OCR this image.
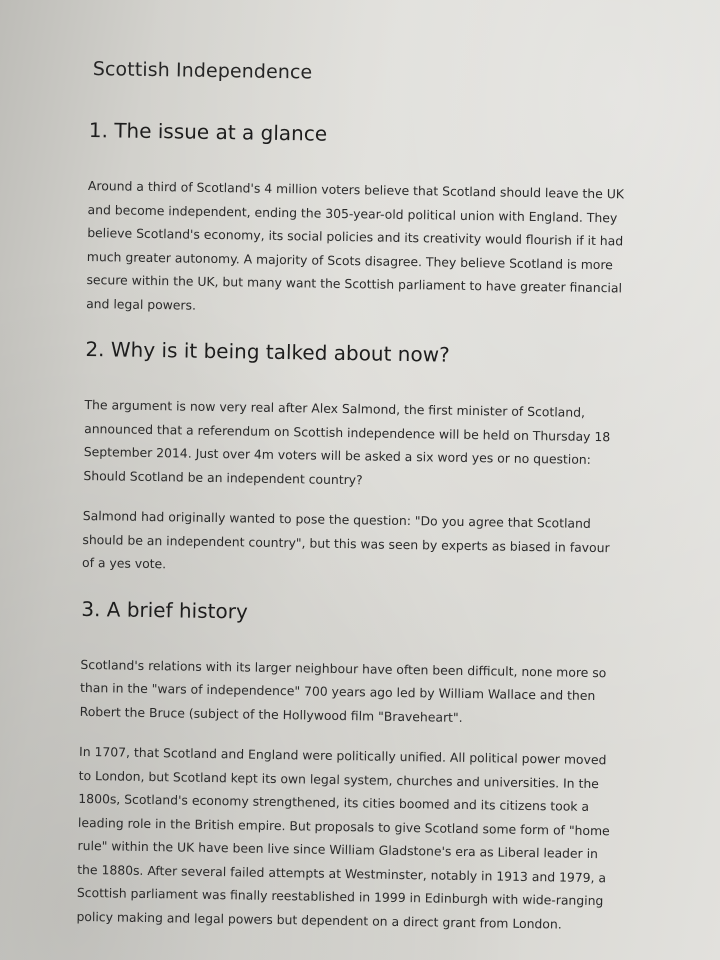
Scottish Independence
1. The issue at a glance

Around a third of Scotland's 4 million voters believe that Scotland should leave the UK and become independent, ending the 305-year-old political union with England. They believe Scotland's economy, its social policies and its creativity would flourish if it had much greater autonomy. A majority of Scots disagree. They believe Scotland is more secure within the UK, but many want the Scottish parliament to have greater financial and legal powers.

2. Why is it being talked about now?

The argument is now very real after Alex Salmond, the first minister of Scotland, announced that a referendum on Scottish independence will be held on Thursday 18 September 2014. Just over 4m voters will be asked a six word yes or no question: Should Scotland be an independent country?

Salmond had originally wanted to pose the question: "Do you agree that Scotland should be an independent country", but this was seen by experts as biased in favour of a yes vote.

3. A brief history

Scotland's relations with its larger neighbour have often been difficult, none more so than in the "wars of independence" 700 years ago led by William Wallace and then Robert the Bruce (subject of the Hollywood film "Braveheart".

In 1707, that Scotland and England were politically unified. All political power moved to London, but Scotland kept its own legal system, churches and universities. In the 1800s, Scotland's economy strengthened, its cities boomed and its citizens took a leading role in the British empire. But proposals to give Scotland some form of "home rule" within the UK have been live since William Gladstone's era as Liberal leader in the 1880s. After several failed attempts at Westminster, notably in 1913 and 1979, a Scottish parliament was finally reestablished in 1999 in Edinburgh with wide-ranging policy making and legal powers but dependent on a direct grant from London.
